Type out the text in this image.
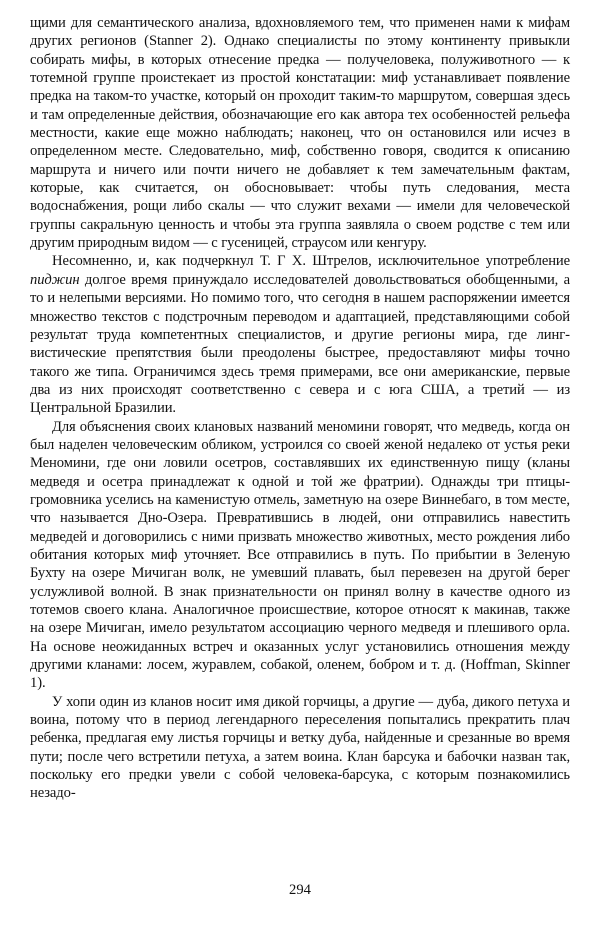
щими для семантического анализа, вдохновляемого тем, что применен нами к мифам других регионов (Stanner 2). Однако специалисты по этому континенту привыкли собирать мифы, в которых отнесение предка — получеловека, полуживотного — к тотемной группе проистекает из простой констатации: миф устанавливает появление предка на таком-то участке, который он проходит таким-то маршрутом, совершая здесь и там определенные действия, обозначающие его как автора тех особенностей рельефа местности, какие еще можно наблюдать; наконец, что он остановился или исчез в определенном месте. Следовательно, миф, собственно говоря, сводится к описанию маршрута и ничего или почти ничего не добавляет к тем замечательным фактам, которые, как считается, он обосновывает: чтобы путь следования, места водоснабжения, рощи либо скалы — что служит вехами — имели для человеческой группы сакральную ценность и чтобы эта группа заявляла о своем родстве с тем или другим природным видом — с гусеницей, страусом или кенгуру.

Несомненно, и, как подчеркнул Т. Г Х. Штрелов, исключительное употребление пиджин долгое время принуждало исследователей довольствоваться обобщенными, а то и нелепыми версиями. Но помимо того, что сегодня в нашем распоряжении имеется множество текстов с подстрочным переводом и адаптацией, представляющими собой результат труда компетентных специалистов, и другие регионы мира, где лингвистические препятствия были преодолены быстрее, предоставляют мифы точно такого же типа. Ограничимся здесь тремя примерами, все они американские, первые два из них происходят соответственно с севера и с юга США, а третий — из Центральной Бразилии.

Для объяснения своих клановых названий меномини говорят, что медведь, когда он был наделен человеческим обликом, устроился со своей женой недалеко от устья реки Меномини, где они ловили осетров, составлявших их единственную пищу (кланы медведя и осетра принадлежат к одной и той же фратрии). Однажды три птицы-громовника уселись на каменистую отмель, заметную на озере Виннебаго, в том месте, что называется Дно-Озера. Превратившись в людей, они отправились навестить медведей и договорились с ними призвать множество животных, место рождения либо обитания которых миф уточняет. Все отправились в путь. По прибытии в Зеленую Бухту на озере Мичиган волк, не умевший плавать, был перевезен на другой берег услужливой волной. В знак признательности он принял волну в качестве одного из тотемов своего клана. Аналогичное происшествие, которое относят к макинав, также на озере Мичиган, имело результатом ассоциацию черного медведя и плешивого орла. На основе неожиданных встреч и оказанных услуг установились отношения между другими кланами: лосем, журавлем, собакой, оленем, бобром и т. д. (Hoffman, Skinner 1).

У хопи один из кланов носит имя дикой горчицы, а другие — дуба, дикого петуха и воина, потому что в период легендарного переселения попытались прекратить плач ребенка, предлагая ему листья горчицы и ветку дуба, найденные и срезанные во время пути; после чего встретили петуха, а затем воина. Клан барсука и бабочки назван так, поскольку его предки увели с собой человека-барсука, с которым познакомились незадо-

294
